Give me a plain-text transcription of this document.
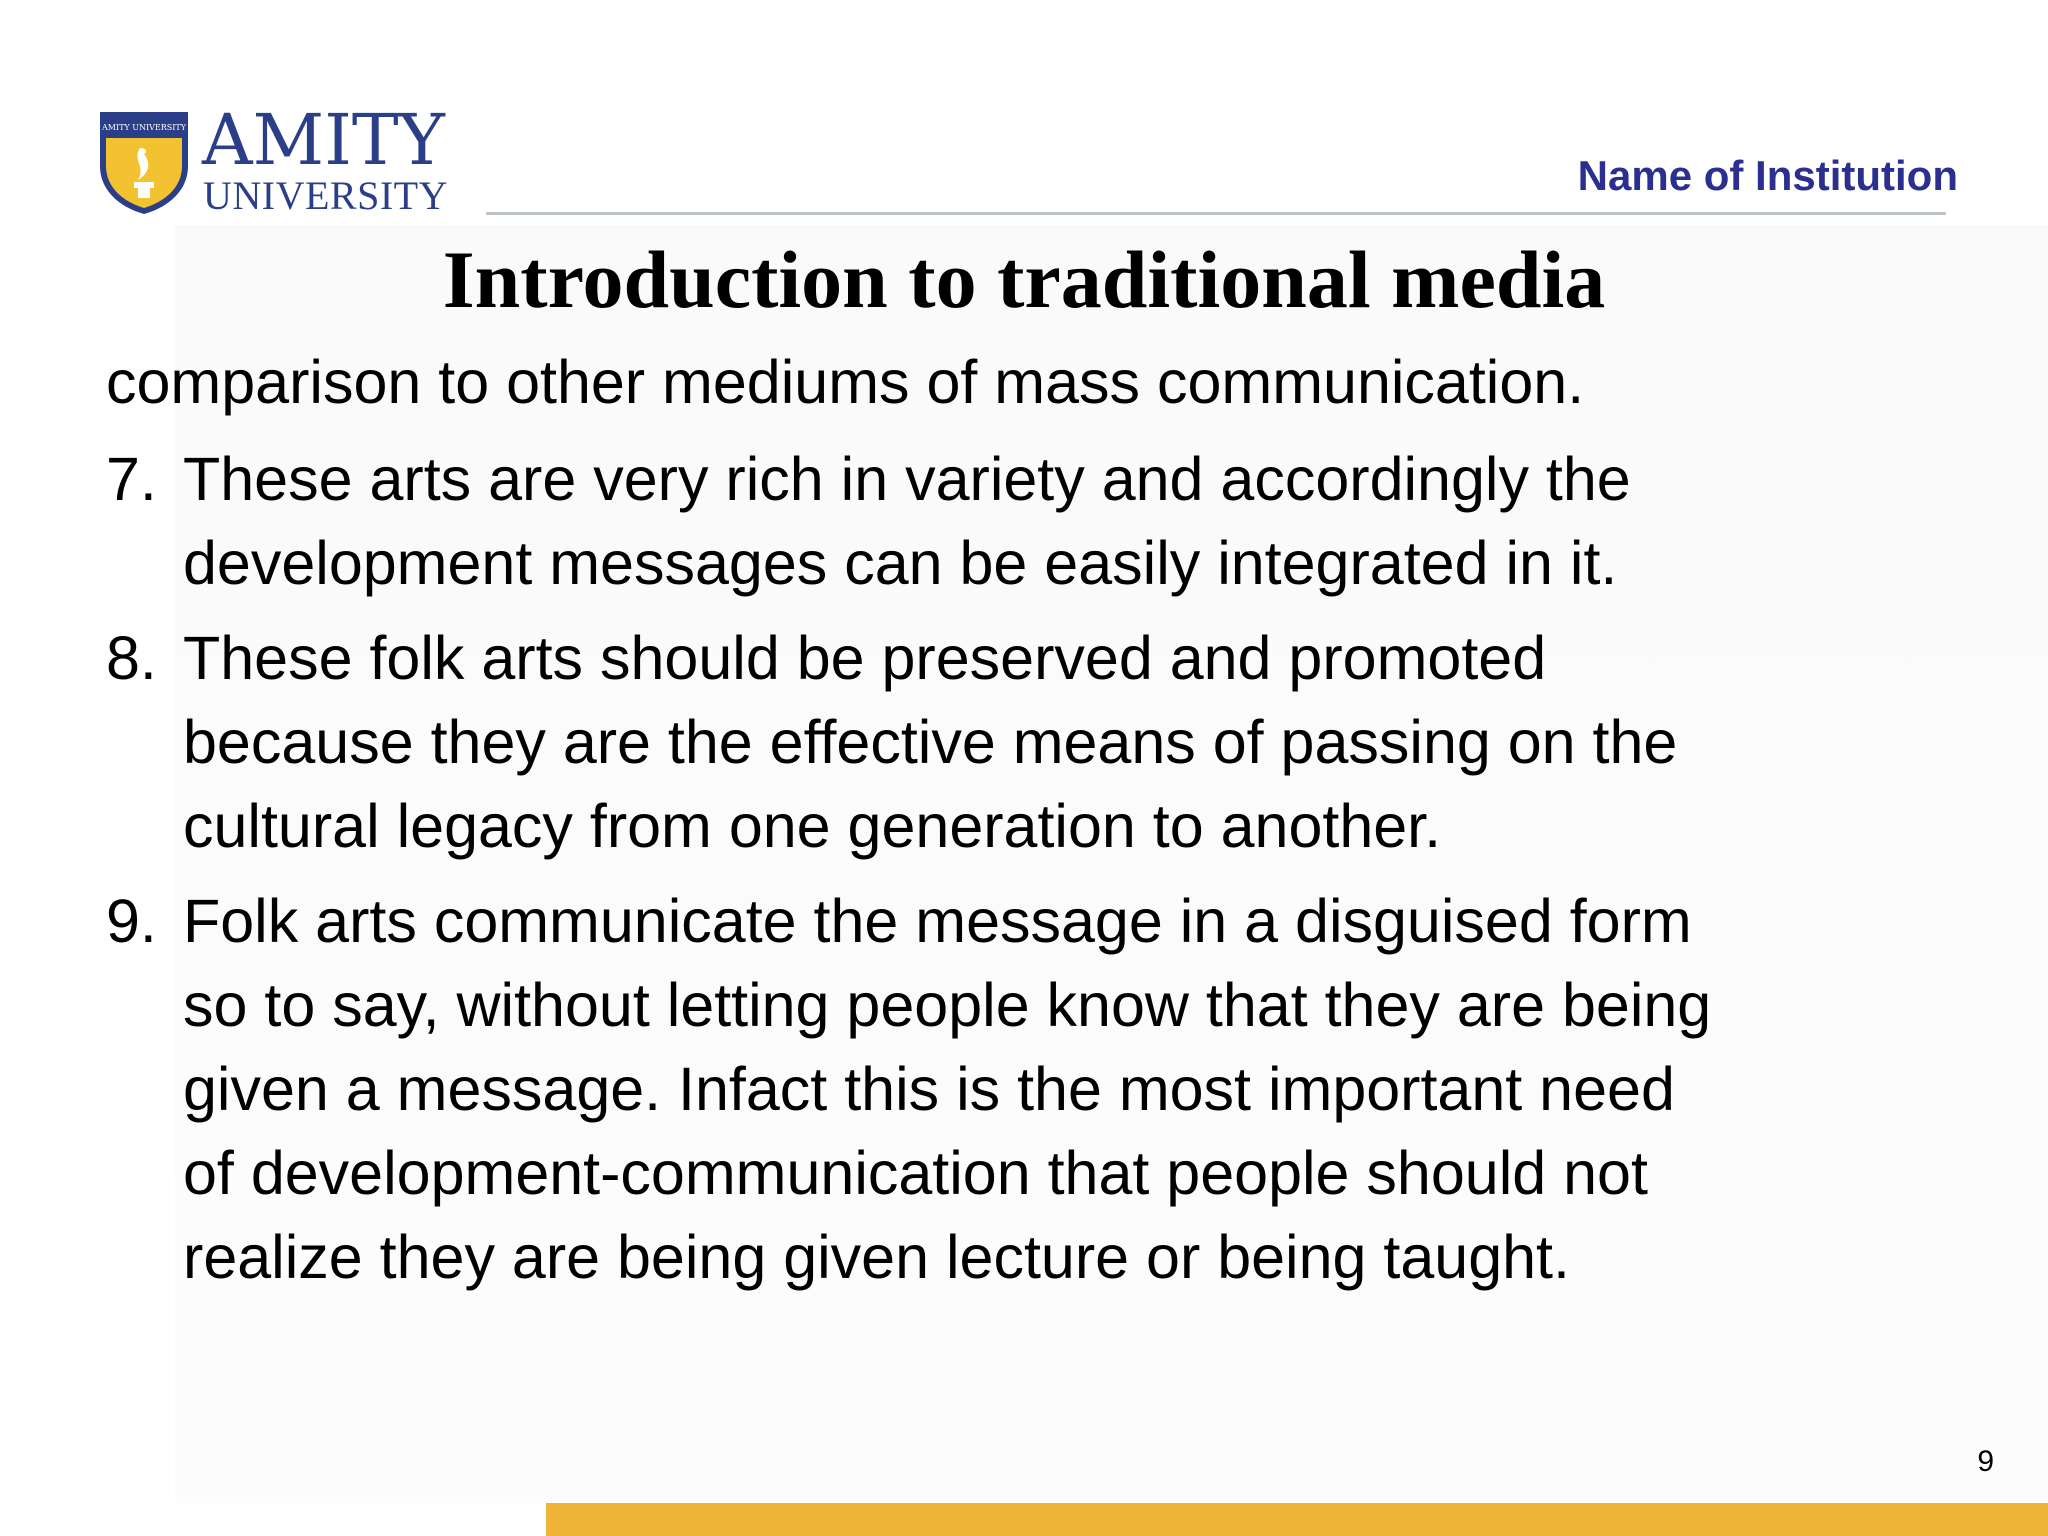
AMITY UNIVERSITY AMITY
UNIVERSITY	Name of Institution
Introduction to traditional media

comparison to other mediums of mass communication.

7. These arts are very rich in variety and accordingly the
development messages can be easily integrated in it.
8. These folk arts should be preserved and promoted
because they are the effective means of passing on the
cultural legacy from one generation to another.
9. Folk arts communicate the message in a disguised form
so to say, without letting people know that they are being
given a message. Infact this is the most important need
of development-communication that people should not
realize they are being given lecture or being taught.
9
